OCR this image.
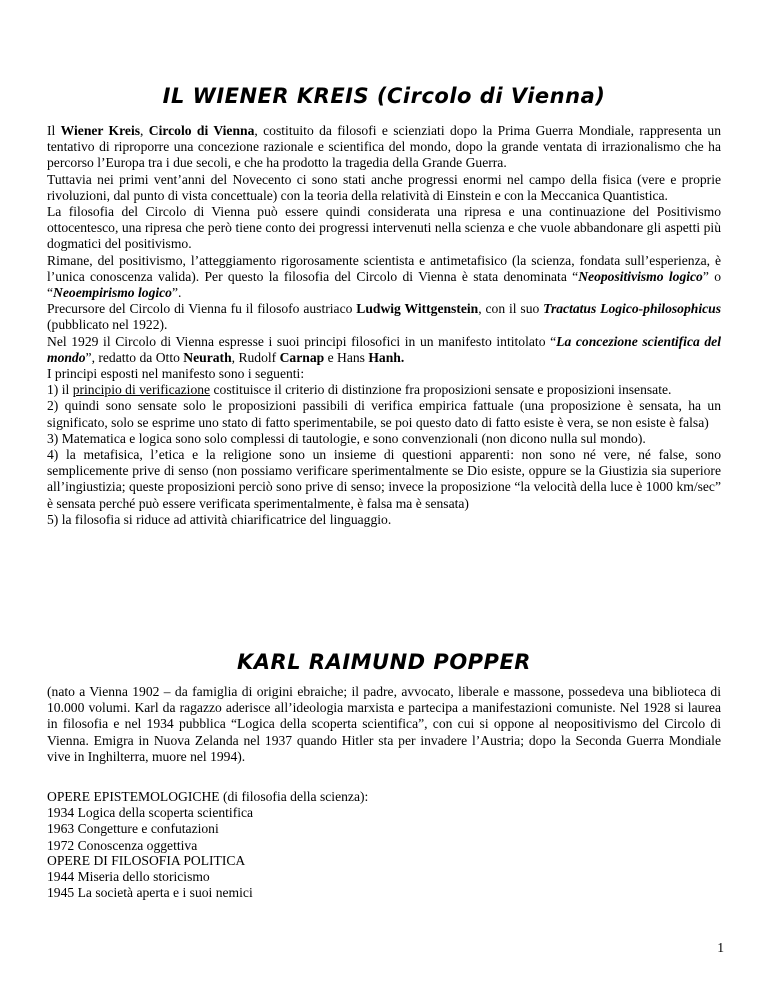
IL WIENER KREIS (Circolo di Vienna)

Il Wiener Kreis, Circolo di Vienna, costituito da filosofi e scienziati dopo la Prima Guerra Mondiale, rappresenta un tentativo di riproporre una concezione razionale e scientifica del mondo, dopo la grande ventata di irrazionalismo che ha percorso l’Europa tra i due secoli, e che ha prodotto la tragedia della Grande Guerra.

Tuttavia nei primi vent’anni del Novecento ci sono stati anche progressi enormi nel campo della fisica (vere e proprie rivoluzioni, dal punto di vista concettuale) con la teoria della relatività di Einstein e con la Meccanica Quantistica.

La filosofia del Circolo di Vienna può essere quindi considerata una ripresa e una continuazione del Positivismo ottocentesco, una ripresa che però tiene conto dei progressi intervenuti nella scienza e che vuole abbandonare gli aspetti più dogmatici del positivismo.

Rimane, del positivismo, l’atteggiamento rigorosamente scientista e antimetafisico (la scienza, fondata sull’esperienza, è l’unica conoscenza valida). Per questo la filosofia del Circolo di Vienna è stata denominata “Neopositivismo logico” o “Neoempirismo logico”.

Precursore del Circolo di Vienna fu il filosofo austriaco Ludwig Wittgenstein, con il suo Tractatus Logico-philosophicus (pubblicato nel 1922).

Nel 1929 il Circolo di Vienna espresse i suoi principi filosofici in un manifesto intitolato “La concezione scientifica del mondo”, redatto da Otto Neurath, Rudolf Carnap e Hans Hanh.

I principi esposti nel manifesto sono i seguenti:

1) il principio di verificazione costituisce il criterio di distinzione fra proposizioni sensate e proposizioni insensate.

2) quindi sono sensate solo le proposizioni passibili di verifica empirica fattuale (una proposizione è sensata, ha un significato, solo se esprime uno stato di fatto sperimentabile, se poi questo dato di fatto esiste è vera, se non esiste è falsa)

3) Matematica e logica sono solo complessi di tautologie, e sono convenzionali (non dicono nulla sul mondo).

4) la metafisica, l’etica e la religione sono un insieme di questioni apparenti: non sono né vere, né false, sono semplicemente prive di senso (non possiamo verificare sperimentalmente se Dio esiste, oppure se la Giustizia sia superiore all’ingiustizia; queste proposizioni perciò sono prive di senso; invece la proposizione “la velocità della luce è 1000 km/sec” è sensata perché può essere verificata sperimentalmente, è falsa ma è sensata)

5) la filosofia si riduce ad attività chiarificatrice del linguaggio.

KARL RAIMUND POPPER

(nato a Vienna 1902 – da famiglia di origini ebraiche; il padre, avvocato, liberale e massone, possedeva una biblioteca di 10.000 volumi. Karl da ragazzo aderisce all’ideologia marxista e partecipa a manifestazioni comuniste. Nel 1928 si laurea in filosofia e nel 1934 pubblica “Logica della scoperta scientifica”, con cui si oppone al neopositivismo del Circolo di Vienna. Emigra in Nuova Zelanda nel 1937 quando Hitler sta per invadere l’Austria; dopo la Seconda Guerra Mondiale vive in Inghilterra, muore nel 1994).

OPERE EPISTEMOLOGICHE (di filosofia della scienza):

1934 Logica della scoperta scientifica

1963 Congetture e confutazioni

1972 Conoscenza oggettiva

OPERE DI FILOSOFIA POLITICA

1944 Miseria dello storicismo

1945 La società aperta e i suoi nemici

1
